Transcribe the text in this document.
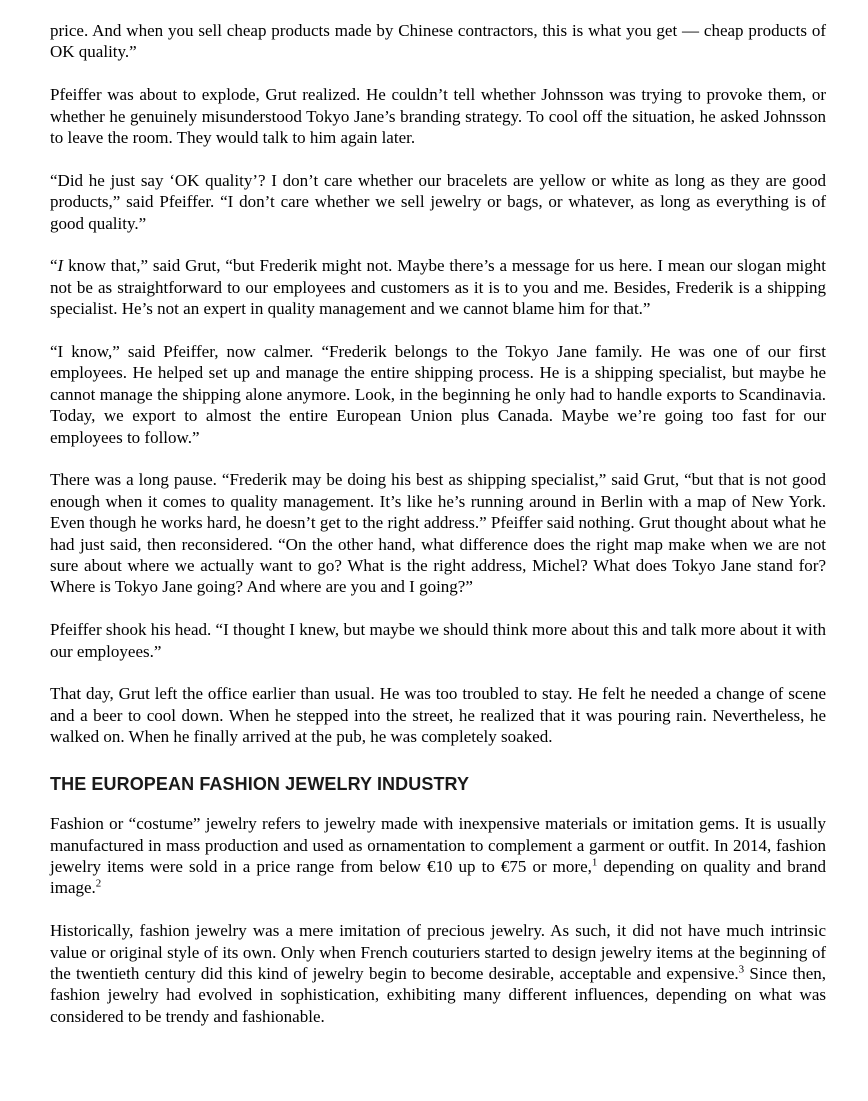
price. And when you sell cheap products made by Chinese contractors, this is what you get — cheap products of OK quality.”

Pfeiffer was about to explode, Grut realized. He couldn’t tell whether Johnsson was trying to provoke them, or whether he genuinely misunderstood Tokyo Jane’s branding strategy. To cool off the situation, he asked Johnsson to leave the room. They would talk to him again later.

“Did he just say ‘OK quality’? I don’t care whether our bracelets are yellow or white as long as they are good products,” said Pfeiffer. “I don’t care whether we sell jewelry or bags, or whatever, as long as everything is of good quality.”

“I know that,” said Grut, “but Frederik might not. Maybe there’s a message for us here. I mean our slogan might not be as straightforward to our employees and customers as it is to you and me. Besides, Frederik is a shipping specialist. He’s not an expert in quality management and we cannot blame him for that.”

“I know,” said Pfeiffer, now calmer. “Frederik belongs to the Tokyo Jane family. He was one of our first employees. He helped set up and manage the entire shipping process. He is a shipping specialist, but maybe he cannot manage the shipping alone anymore. Look, in the beginning he only had to handle exports to Scandinavia. Today, we export to almost the entire European Union plus Canada. Maybe we’re going too fast for our employees to follow.”

There was a long pause. “Frederik may be doing his best as shipping specialist,” said Grut, “but that is not good enough when it comes to quality management. It’s like he’s running around in Berlin with a map of New York. Even though he works hard, he doesn’t get to the right address.” Pfeiffer said nothing. Grut thought about what he had just said, then reconsidered. “On the other hand, what difference does the right map make when we are not sure about where we actually want to go? What is the right address, Michel? What does Tokyo Jane stand for? Where is Tokyo Jane going? And where are you and I going?”

Pfeiffer shook his head. “I thought I knew, but maybe we should think more about this and talk more about it with our employees.”

That day, Grut left the office earlier than usual. He was too troubled to stay. He felt he needed a change of scene and a beer to cool down. When he stepped into the street, he realized that it was pouring rain. Nevertheless, he walked on. When he finally arrived at the pub, he was completely soaked.

THE EUROPEAN FASHION JEWELRY INDUSTRY

Fashion or “costume” jewelry refers to jewelry made with inexpensive materials or imitation gems. It is usually manufactured in mass production and used as ornamentation to complement a garment or outfit. In 2014, fashion jewelry items were sold in a price range from below €10 up to €75 or more,$^1$ depending on quality and brand image.$^2$

Historically, fashion jewelry was a mere imitation of precious jewelry. As such, it did not have much intrinsic value or original style of its own. Only when French couturiers started to design jewelry items at the beginning of the twentieth century did this kind of jewelry begin to become desirable, acceptable and expensive.$^3$ Since then, fashion jewelry had evolved in sophistication, exhibiting many different influences, depending on what was considered to be trendy and fashionable.
